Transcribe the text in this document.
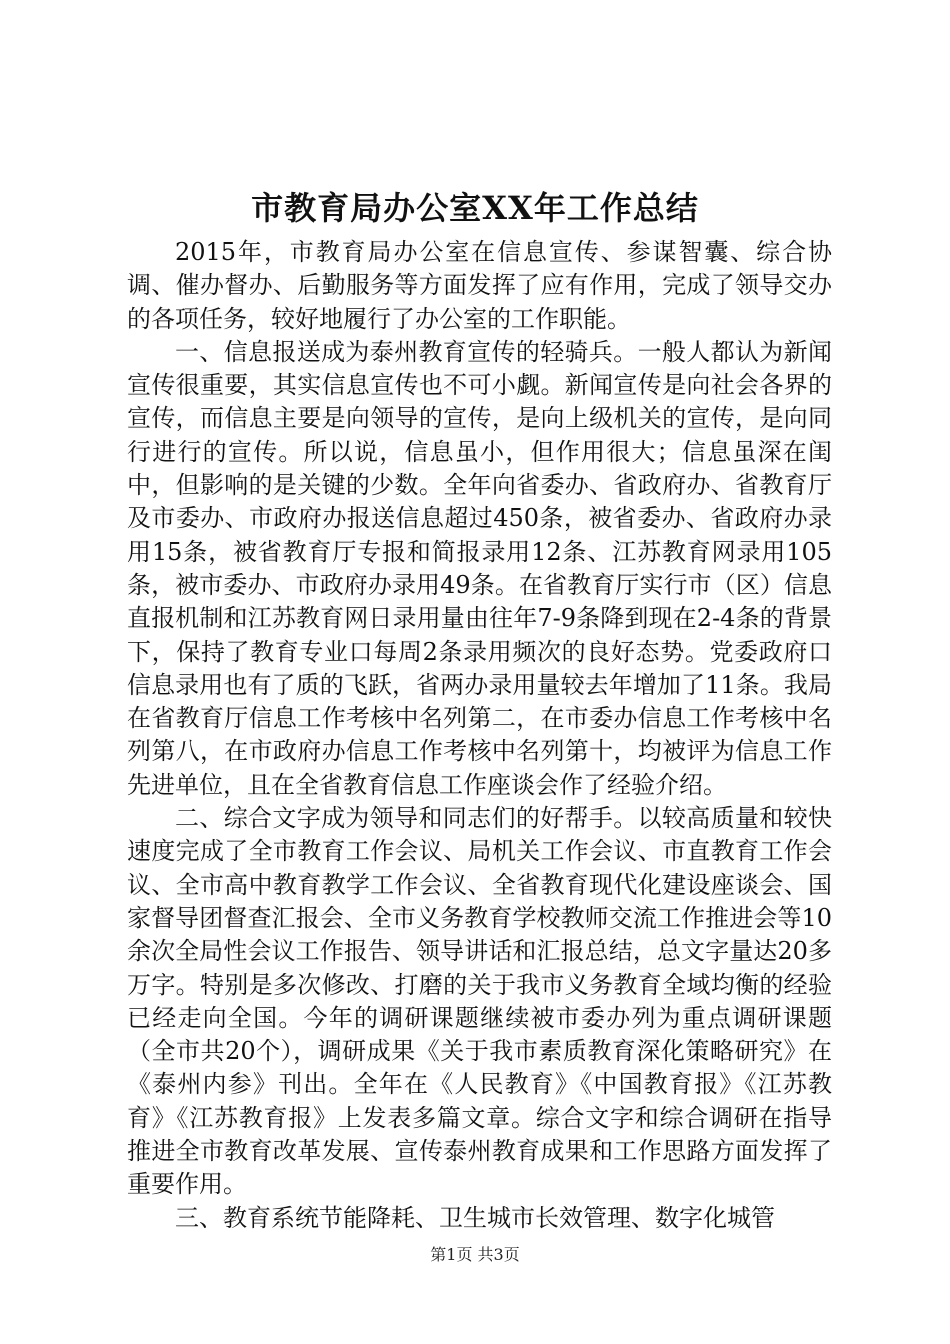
市教育局办公室XX年工作总结

2015年，市教育局办公室在信息宣传、参谋智囊、综合协调、催办督办、后勤服务等方面发挥了应有作用，完成了领导交办的各项任务，较好地履行了办公室的工作职能。

一、信息报送成为泰州教育宣传的轻骑兵。一般人都认为新闻宣传很重要，其实信息宣传也不可小觑。新闻宣传是向社会各界的宣传，而信息主要是向领导的宣传，是向上级机关的宣传，是向同行进行的宣传。所以说，信息虽小，但作用很大；信息虽深在闺中，但影响的是关键的少数。全年向省委办、省政府办、省教育厅及市委办、市政府办报送信息超过450条，被省委办、省政府办录用15条，被省教育厅专报和简报录用12条、江苏教育网录用105条，被市委办、市政府办录用49条。在省教育厅实行市（区）信息直报机制和江苏教育网日录用量由往年7-9条降到现在2-4条的背景下，保持了教育专业口每周2条录用频次的良好态势。党委政府口信息录用也有了质的飞跃，省两办录用量较去年增加了11条。我局在省教育厅信息工作考核中名列第二，在市委办信息工作考核中名列第八，在市政府办信息工作考核中名列第十，均被评为信息工作先进单位，且在全省教育信息工作座谈会作了经验介绍。

二、综合文字成为领导和同志们的好帮手。以较高质量和较快速度完成了全市教育工作会议、局机关工作会议、市直教育工作会议、全市高中教育教学工作会议、全省教育现代化建设座谈会、国家督导团督查汇报会、全市义务教育学校教师交流工作推进会等10余次全局性会议工作报告、领导讲话和汇报总结，总文字量达20多万字。特别是多次修改、打磨的关于我市义务教育全域均衡的经验已经走向全国。今年的调研课题继续被市委办列为重点调研课题（全市共20个），调研成果《关于我市素质教育深化策略研究》在《泰州内参》刊出。全年在《人民教育》《中国教育报》《江苏教育》《江苏教育报》上发表多篇文章。综合文字和综合调研在指导推进全市教育改革发展、宣传泰州教育成果和工作思路方面发挥了重要作用。

三、教育系统节能降耗、卫生城市长效管理、数字化城管

第1页 共3页
